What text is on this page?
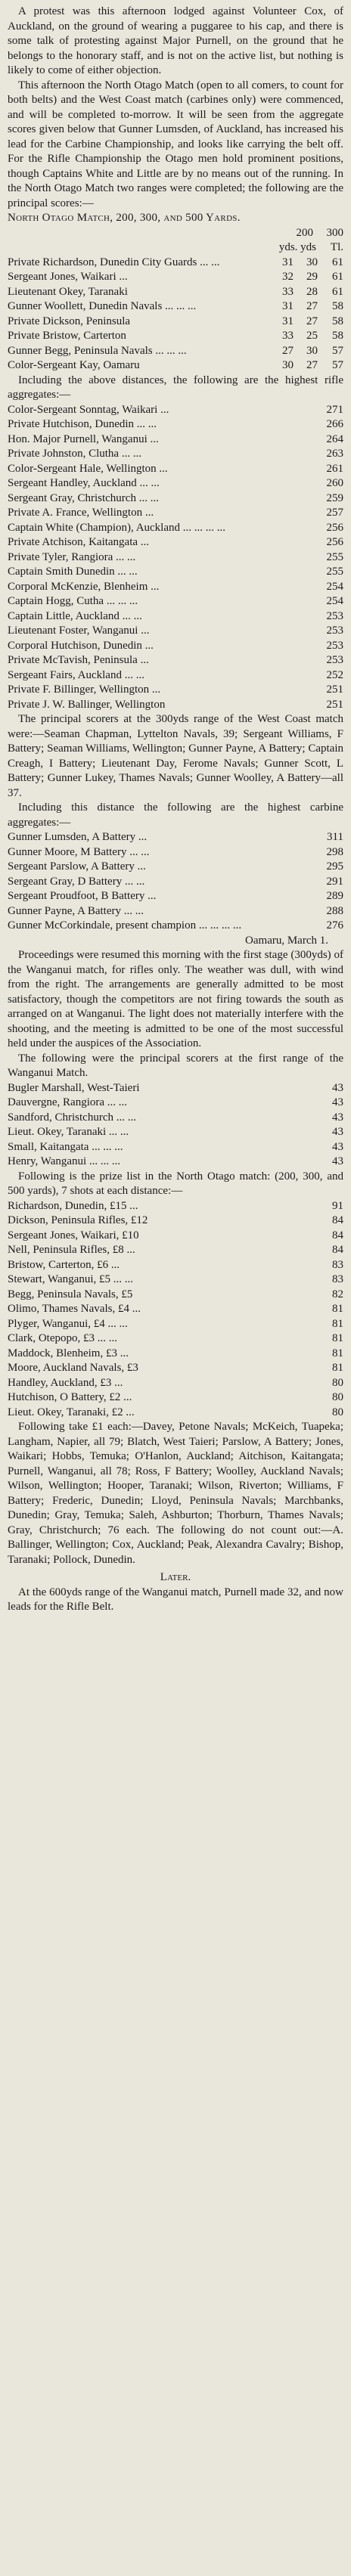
A protest was this afternoon lodged against Volunteer Cox, of Auckland, on the ground of wearing a puggaree to his cap, and there is some talk of protesting against Major Purnell, on the ground that he belongs to the honorary staff, and is not on the active list, but nothing is likely to come of either objection.

This afternoon the North Otago Match (open to all comers, to count for both belts) and the West Coast match (carbines only) were commenced, and will be completed to-morrow. It will be seen from the aggregate scores given below that Gunner Lumsden, of Auckland, has increased his lead for the Carbine Championship, and looks like carrying the belt off. For the Rifle Championship the Otago men hold prominent positions, though Captains White and Little are by no means out of the running. In the North Otago Match two ranges were completed; the following are the principal scores:—

North Otago Match, 200, 300, and 500 Yards.

200	300
yds. yds	Tl.
Private Richardson, Dunedin City Guards ... ...	31	30	61
Sergeant Jones, Waikari ...	32	29	61
Lieutenant Okey, Taranaki	33	28	61
Gunner Woollett, Dunedin Navals ... ... ...	31	27	58
Private Dickson, Peninsula	31	27	58
Private Bristow, Carterton	33	25	58
Gunner Begg, Peninsula Navals ... ... ...	27	30	57
Color-Sergeant Kay, Oamaru	30	27	57

Including the above distances, the following are the highest rifle aggregates:—

Color-Sergeant Sonntag, Waikari ...	271
Private Hutchison, Dunedin ... ...	266
Hon. Major Purnell, Wanganui ...	264
Private Johnston, Clutha ... ...	263
Color-Sergeant Hale, Wellington ...	261
Sergeant Handley, Auckland ... ...	260
Sergeant Gray, Christchurch ... ...	259
Private A. France, Wellington ...	257
Captain White (Champion), Auckland ... ... ... ...	256
Private Atchison, Kaitangata ...	256
Private Tyler, Rangiora ... ...	255
Captain Smith Dunedin ... ...	255
Corporal McKenzie, Blenheim ...	254
Captain Hogg, Cutha ... ... ...	254
Captain Little, Auckland ... ...	253
Lieutenant Foster, Wanganui ...	253
Corporal Hutchison, Dunedin ...	253
Private McTavish, Peninsula ...	253
Sergeant Fairs, Auckland ... ...	252
Private F. Billinger, Wellington ...	251
Private J. W. Ballinger, Wellington	251

The principal scorers at the 300yds range of the West Coast match were:—Seaman Chapman, Lyttelton Navals, 39; Sergeant Williams, F Battery; Seaman Williams, Wellington; Gunner Payne, A Battery; Captain Creagh, I Battery; Lieutenant Day, Ferome Navals; Gunner Scott, L Battery; Gunner Lukey, Thames Navals; Gunner Woolley, A Battery—all 37.

Including this distance the following are the highest carbine aggregates:—

Gunner Lumsden, A Battery ...	311
Gunner Moore, M Battery ... ...	298
Sergeant Parslow, A Battery ...	295
Sergeant Gray, D Battery ... ...	291
Sergeant Proudfoot, B Battery ...	289
Gunner Payne, A Battery ... ...	288
Gunner McCorkindale, present champion ... ... ... ...	276

Oamaru, March 1.

Proceedings were resumed this morning with the first stage (300yds) of the Wanganui match, for rifles only. The weather was dull, with wind from the right. The arrangements are generally admitted to be most satisfactory, though the competitors are not firing towards the south as arranged on at Wanganui. The light does not materially interfere with the shooting, and the meeting is admitted to be one of the most successful held under the auspices of the Association.

The following were the principal scorers at the first range of the Wanganui Match.

Bugler Marshall, West-Taieri	43
Dauvergne, Rangiora ... ...	43
Sandford, Christchurch ... ...	43
Lieut. Okey, Taranaki ... ...	43
Small, Kaitangata ... ... ...	43
Henry, Wanganui ... ... ...	43

Following is the prize list in the North Otago match: (200, 300, and 500 yards), 7 shots at each distance:—

Richardson, Dunedin, £15 ...	91
Dickson, Peninsula Rifles, £12	84
Sergeant Jones, Waikari, £10	84
Nell, Peninsula Rifles, £8 ...	84
Bristow, Carterton, £6 ...	83
Stewart, Wanganui, £5 ... ...	83
Begg, Peninsula Navals, £5	82
Olimo, Thames Navals, £4 ...	81
Plyger, Wanganui, £4 ... ...	81
Clark, Otepopo, £3 ... ...	81
Maddock, Blenheim, £3 ...	81
Moore, Auckland Navals, £3	81
Handley, Auckland, £3 ...	80
Hutchison, O Battery, £2 ...	80
Lieut. Okey, Taranaki, £2 ...	80

Following take £1 each:—Davey, Petone Navals; McKeich, Tuapeka; Langham, Napier, all 79; Blatch, West Taieri; Parslow, A Battery; Jones, Waikari; Hobbs, Temuka; O'Hanlon, Auckland; Aitchison, Kaitangata; Purnell, Wanganui, all 78; Ross, F Battery; Woolley, Auckland Navals; Wilson, Wellington; Hooper, Taranaki; Wilson, Riverton; Williams, F Battery; Frederic, Dunedin; Lloyd, Peninsula Navals; Marchbanks, Dunedin; Gray, Temuka; Saleh, Ashburton; Thorburn, Thames Navals; Gray, Christchurch; 76 each. The following do not count out:—A. Ballinger, Wellington; Cox, Auckland; Peak, Alexandra Cavalry; Bishop, Taranaki; Pollock, Dunedin.

Later.

At the 600yds range of the Wanganui match, Purnell made 32, and now leads for the Rifle Belt.
